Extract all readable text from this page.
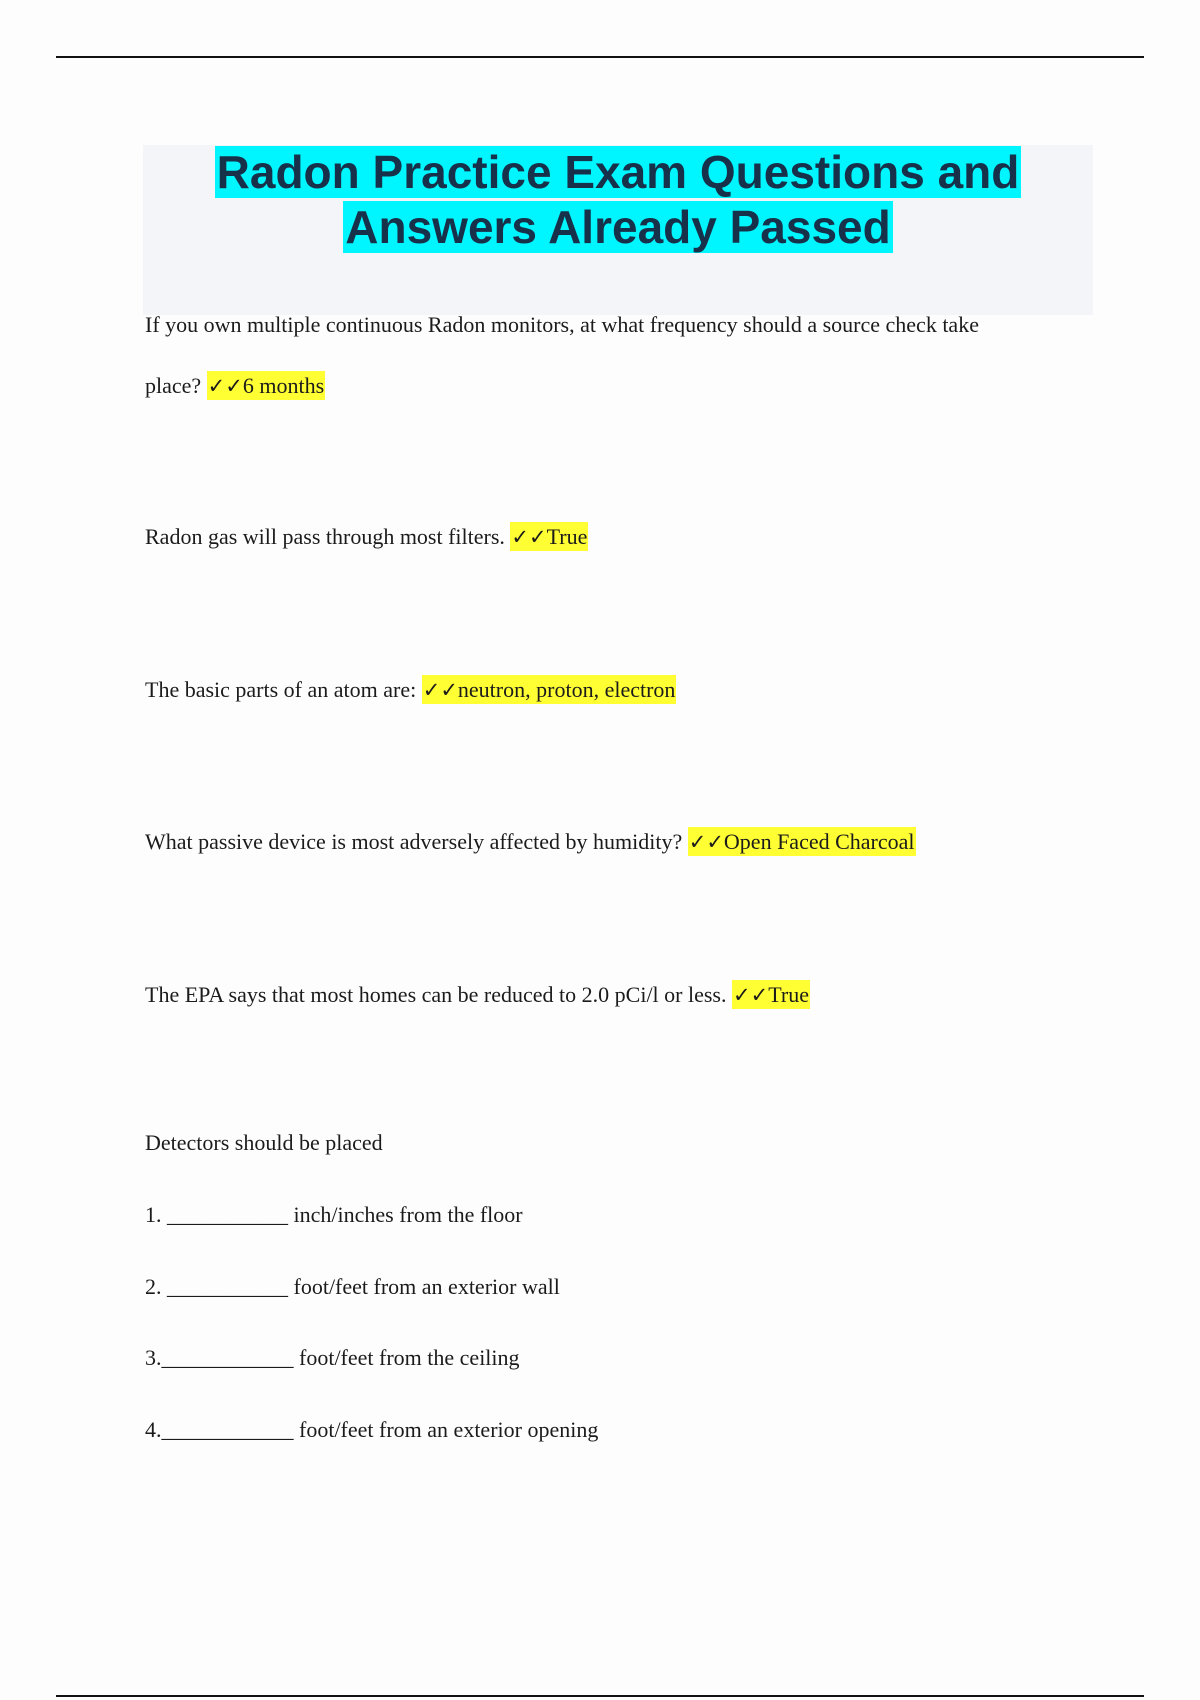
Radon Practice Exam Questions and
Answers Already Passed

If you own multiple continuous Radon monitors, at what frequency should a source check take

place? ✓✓6 months

Radon gas will pass through most filters. ✓✓True

The basic parts of an atom are: ✓✓neutron, proton, electron

What passive device is most adversely affected by humidity? ✓✓Open Faced Charcoal

The EPA says that most homes can be reduced to 2.0 pCi/l or less. ✓✓True

Detectors should be placed

1. ___________ inch/inches from the floor

2. ___________ foot/feet from an exterior wall

3.____________ foot/feet from the ceiling

4.____________ foot/feet from an exterior opening
